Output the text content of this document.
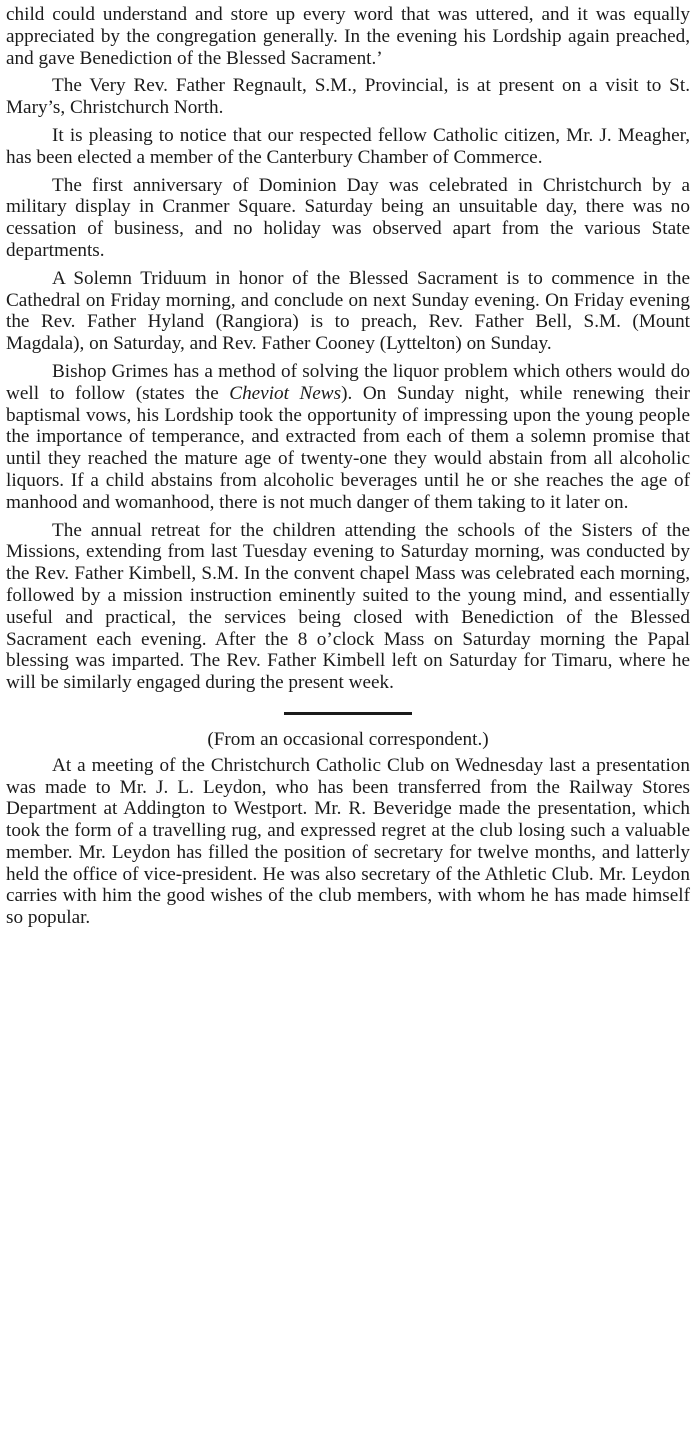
child could understand and store up every word that was uttered, and it was equally appreciated by the congregation generally. In the evening his Lordship again preached, and gave Benediction of the Blessed Sacrament.’

The Very Rev. Father Regnault, S.M., Provincial, is at present on a visit to St. Mary’s, Christchurch North.

It is pleasing to notice that our respected fellow Catholic citizen, Mr. J. Meagher, has been elected a member of the Canterbury Chamber of Commerce.

The first anniversary of Dominion Day was celebrated in Christchurch by a military display in Cranmer Square. Saturday being an unsuitable day, there was no cessation of business, and no holiday was observed apart from the various State departments.

A Solemn Triduum in honor of the Blessed Sacrament is to commence in the Cathedral on Friday morning, and conclude on next Sunday evening. On Friday evening the Rev. Father Hyland (Rangiora) is to preach, Rev. Father Bell, S.M. (Mount Magdala), on Saturday, and Rev. Father Cooney (Lyttelton) on Sunday.

Bishop Grimes has a method of solving the liquor problem which others would do well to follow (states the Cheviot News). On Sunday night, while renewing their baptismal vows, his Lordship took the opportunity of impressing upon the young people the importance of temperance, and extracted from each of them a solemn promise that until they reached the mature age of twenty-one they would abstain from all alcoholic liquors. If a child abstains from alcoholic beverages until he or she reaches the age of manhood and womanhood, there is not much danger of them taking to it later on.

The annual retreat for the children attending the schools of the Sisters of the Missions, extending from last Tuesday evening to Saturday morning, was conducted by the Rev. Father Kimbell, S.M. In the convent chapel Mass was celebrated each morning, followed by a mission instruction eminently suited to the young mind, and essentially useful and practical, the services being closed with Benediction of the Blessed Sacrament each evening. After the 8 o’clock Mass on Saturday morning the Papal blessing was imparted. The Rev. Father Kimbell left on Saturday for Timaru, where he will be similarly engaged during the present week.

(From an occasional correspondent.)

At a meeting of the Christchurch Catholic Club on Wednesday last a presentation was made to Mr. J. L. Leydon, who has been transferred from the Railway Stores Department at Addington to Westport. Mr. R. Beveridge made the presentation, which took the form of a travelling rug, and expressed regret at the club losing such a valuable member. Mr. Leydon has filled the position of secretary for twelve months, and latterly held the office of vice-president. He was also secretary of the Athletic Club. Mr. Leydon carries with him the good wishes of the club members, with whom he has made himself so popular.
